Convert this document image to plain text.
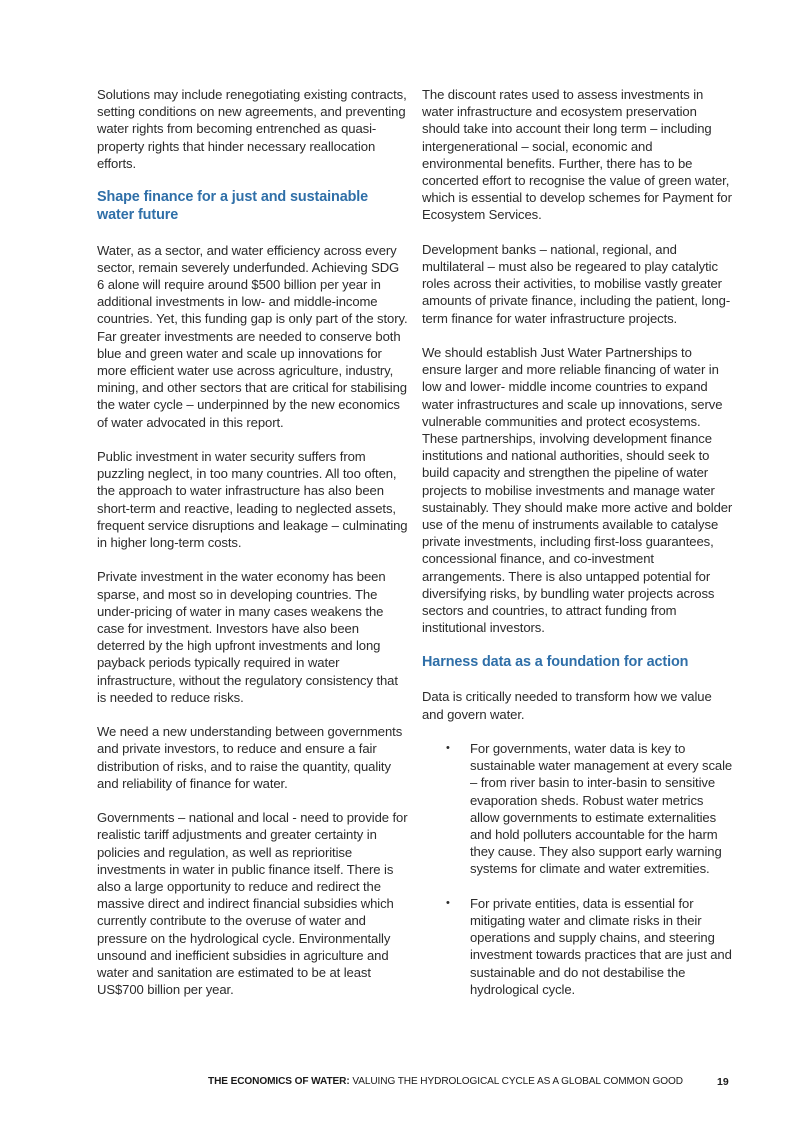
Solutions may include renegotiating existing contracts, setting conditions on new agreements, and preventing water rights from becoming entrenched as quasi-property rights that hinder necessary reallocation efforts.

Shape finance for a just and sustainable water future

Water, as a sector, and water efficiency across every sector, remain severely underfunded. Achieving SDG 6 alone will require around $500 billion per year in additional investments in low- and middle-income countries. Yet, this funding gap is only part of the story. Far greater investments are needed to conserve both blue and green water and scale up innovations for more efficient water use across agriculture, industry, mining, and other sectors that are critical for stabilising the water cycle – underpinned by the new economics of water advocated in this report.

Public investment in water security suffers from puzzling neglect, in too many countries. All too often, the approach to water infrastructure has also been short-term and reactive, leading to neglected assets, frequent service disruptions and leakage – culminating in higher long-term costs.

Private investment in the water economy has been sparse, and most so in developing countries. The under-pricing of water in many cases weakens the case for investment. Investors have also been deterred by the high upfront investments and long payback periods typically required in water infrastructure, without the regulatory consistency that is needed to reduce risks.

We need a new understanding between governments and private investors, to reduce and ensure a fair distribution of risks, and to raise the quantity, quality and reliability of finance for water.

Governments – national and local - need to provide for realistic tariff adjustments and greater certainty in policies and regulation, as well as reprioritise investments in water in public finance itself. There is also a large opportunity to reduce and redirect the massive direct and indirect financial subsidies which currently contribute to the overuse of water and pressure on the hydrological cycle. Environmentally unsound and inefficient subsidies in agriculture and water and sanitation are estimated to be at least US$700 billion per year.

The discount rates used to assess investments in water infrastructure and ecosystem preservation should take into account their long term – including intergenerational – social, economic and environmental benefits. Further, there has to be concerted effort to recognise the value of green water, which is essential to develop schemes for Payment for Ecosystem Services.

Development banks – national, regional, and multilateral – must also be regeared to play catalytic roles across their activities, to mobilise vastly greater amounts of private finance, including the patient, long-term finance for water infrastructure projects.

We should establish Just Water Partnerships to ensure larger and more reliable financing of water in low and lower- middle income countries to expand water infrastructures and scale up innovations, serve vulnerable communities and protect ecosystems. These partnerships, involving development finance institutions and national authorities, should seek to build capacity and strengthen the pipeline of water projects to mobilise investments and manage water sustainably. They should make more active and bolder use of the menu of instruments available to catalyse private investments, including first-loss guarantees, concessional finance, and co-investment arrangements. There is also untapped potential for diversifying risks, by bundling water projects across sectors and countries, to attract funding from institutional investors.

Harness data as a foundation for action

Data is critically needed to transform how we value and govern water.

• For governments, water data is key to sustainable water management at every scale – from river basin to inter-basin to sensitive evaporation sheds. Robust water metrics allow governments to estimate externalities and hold polluters accountable for the harm they cause. They also support early warning systems for climate and water extremities.
• For private entities, data is essential for mitigating water and climate risks in their operations and supply chains, and steering investment towards practices that are just and sustainable and do not destabilise the hydrological cycle.
THE ECONOMICS OF WATER: VALUING THE HYDROLOGICAL CYCLE AS A GLOBAL COMMON GOOD	19
